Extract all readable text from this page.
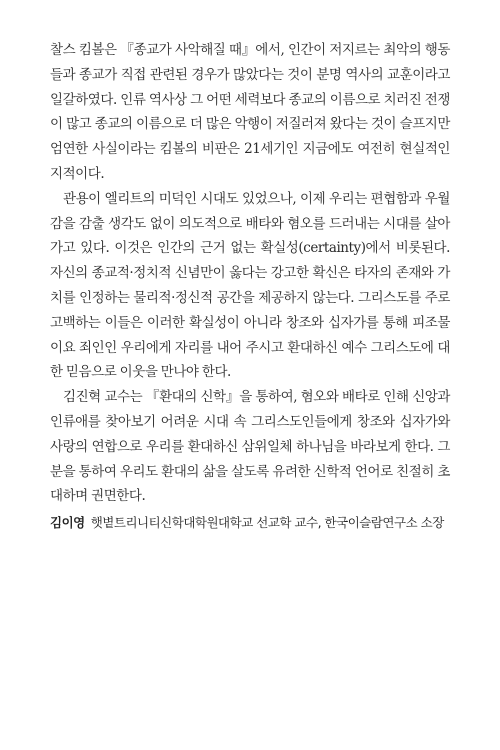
찰스 킴볼은 『종교가 사악해질 때』에서, 인간이 저지르는 최악의 행동들과 종교가 직접 관련된 경우가 많았다는 것이 분명 역사의 교훈이라고 일갈하였다. 인류 역사상 그 어떤 세력보다 종교의 이름으로 치러진 전쟁이 많고 종교의 이름으로 더 많은 악행이 저질러져 왔다는 것이 슬프지만 엄연한 사실이라는 킴볼의 비판은 21세기인 지금에도 여전히 현실적인 지적이다.

관용이 엘리트의 미덕인 시대도 있었으나, 이제 우리는 편협함과 우월감을 감출 생각도 없이 의도적으로 배타와 혐오를 드러내는 시대를 살아가고 있다. 이것은 인간의 근거 없는 확실성(certainty)에서 비롯된다. 자신의 종교적·정치적 신념만이 옳다는 강고한 확신은 타자의 존재와 가치를 인정하는 물리적·정신적 공간을 제공하지 않는다. 그리스도를 주로 고백하는 이들은 이러한 확실성이 아니라 창조와 십자가를 통해 피조물이요 죄인인 우리에게 자리를 내어 주시고 환대하신 예수 그리스도에 대한 믿음으로 이웃을 만나야 한다.

김진혁 교수는 『환대의 신학』을 통하여, 혐오와 배타로 인해 신앙과 인류애를 찾아보기 어려운 시대 속 그리스도인들에게 창조와 십자가와 사랑의 연합으로 우리를 환대하신 삼위일체 하나님을 바라보게 한다. 그분을 통하여 우리도 환대의 삶을 살도록 유려한 신학적 언어로 친절히 초대하며 권면한다.

김이영 햇볕트리니티신학대학원대학교 선교학 교수, 한국이슬람연구소 소장
